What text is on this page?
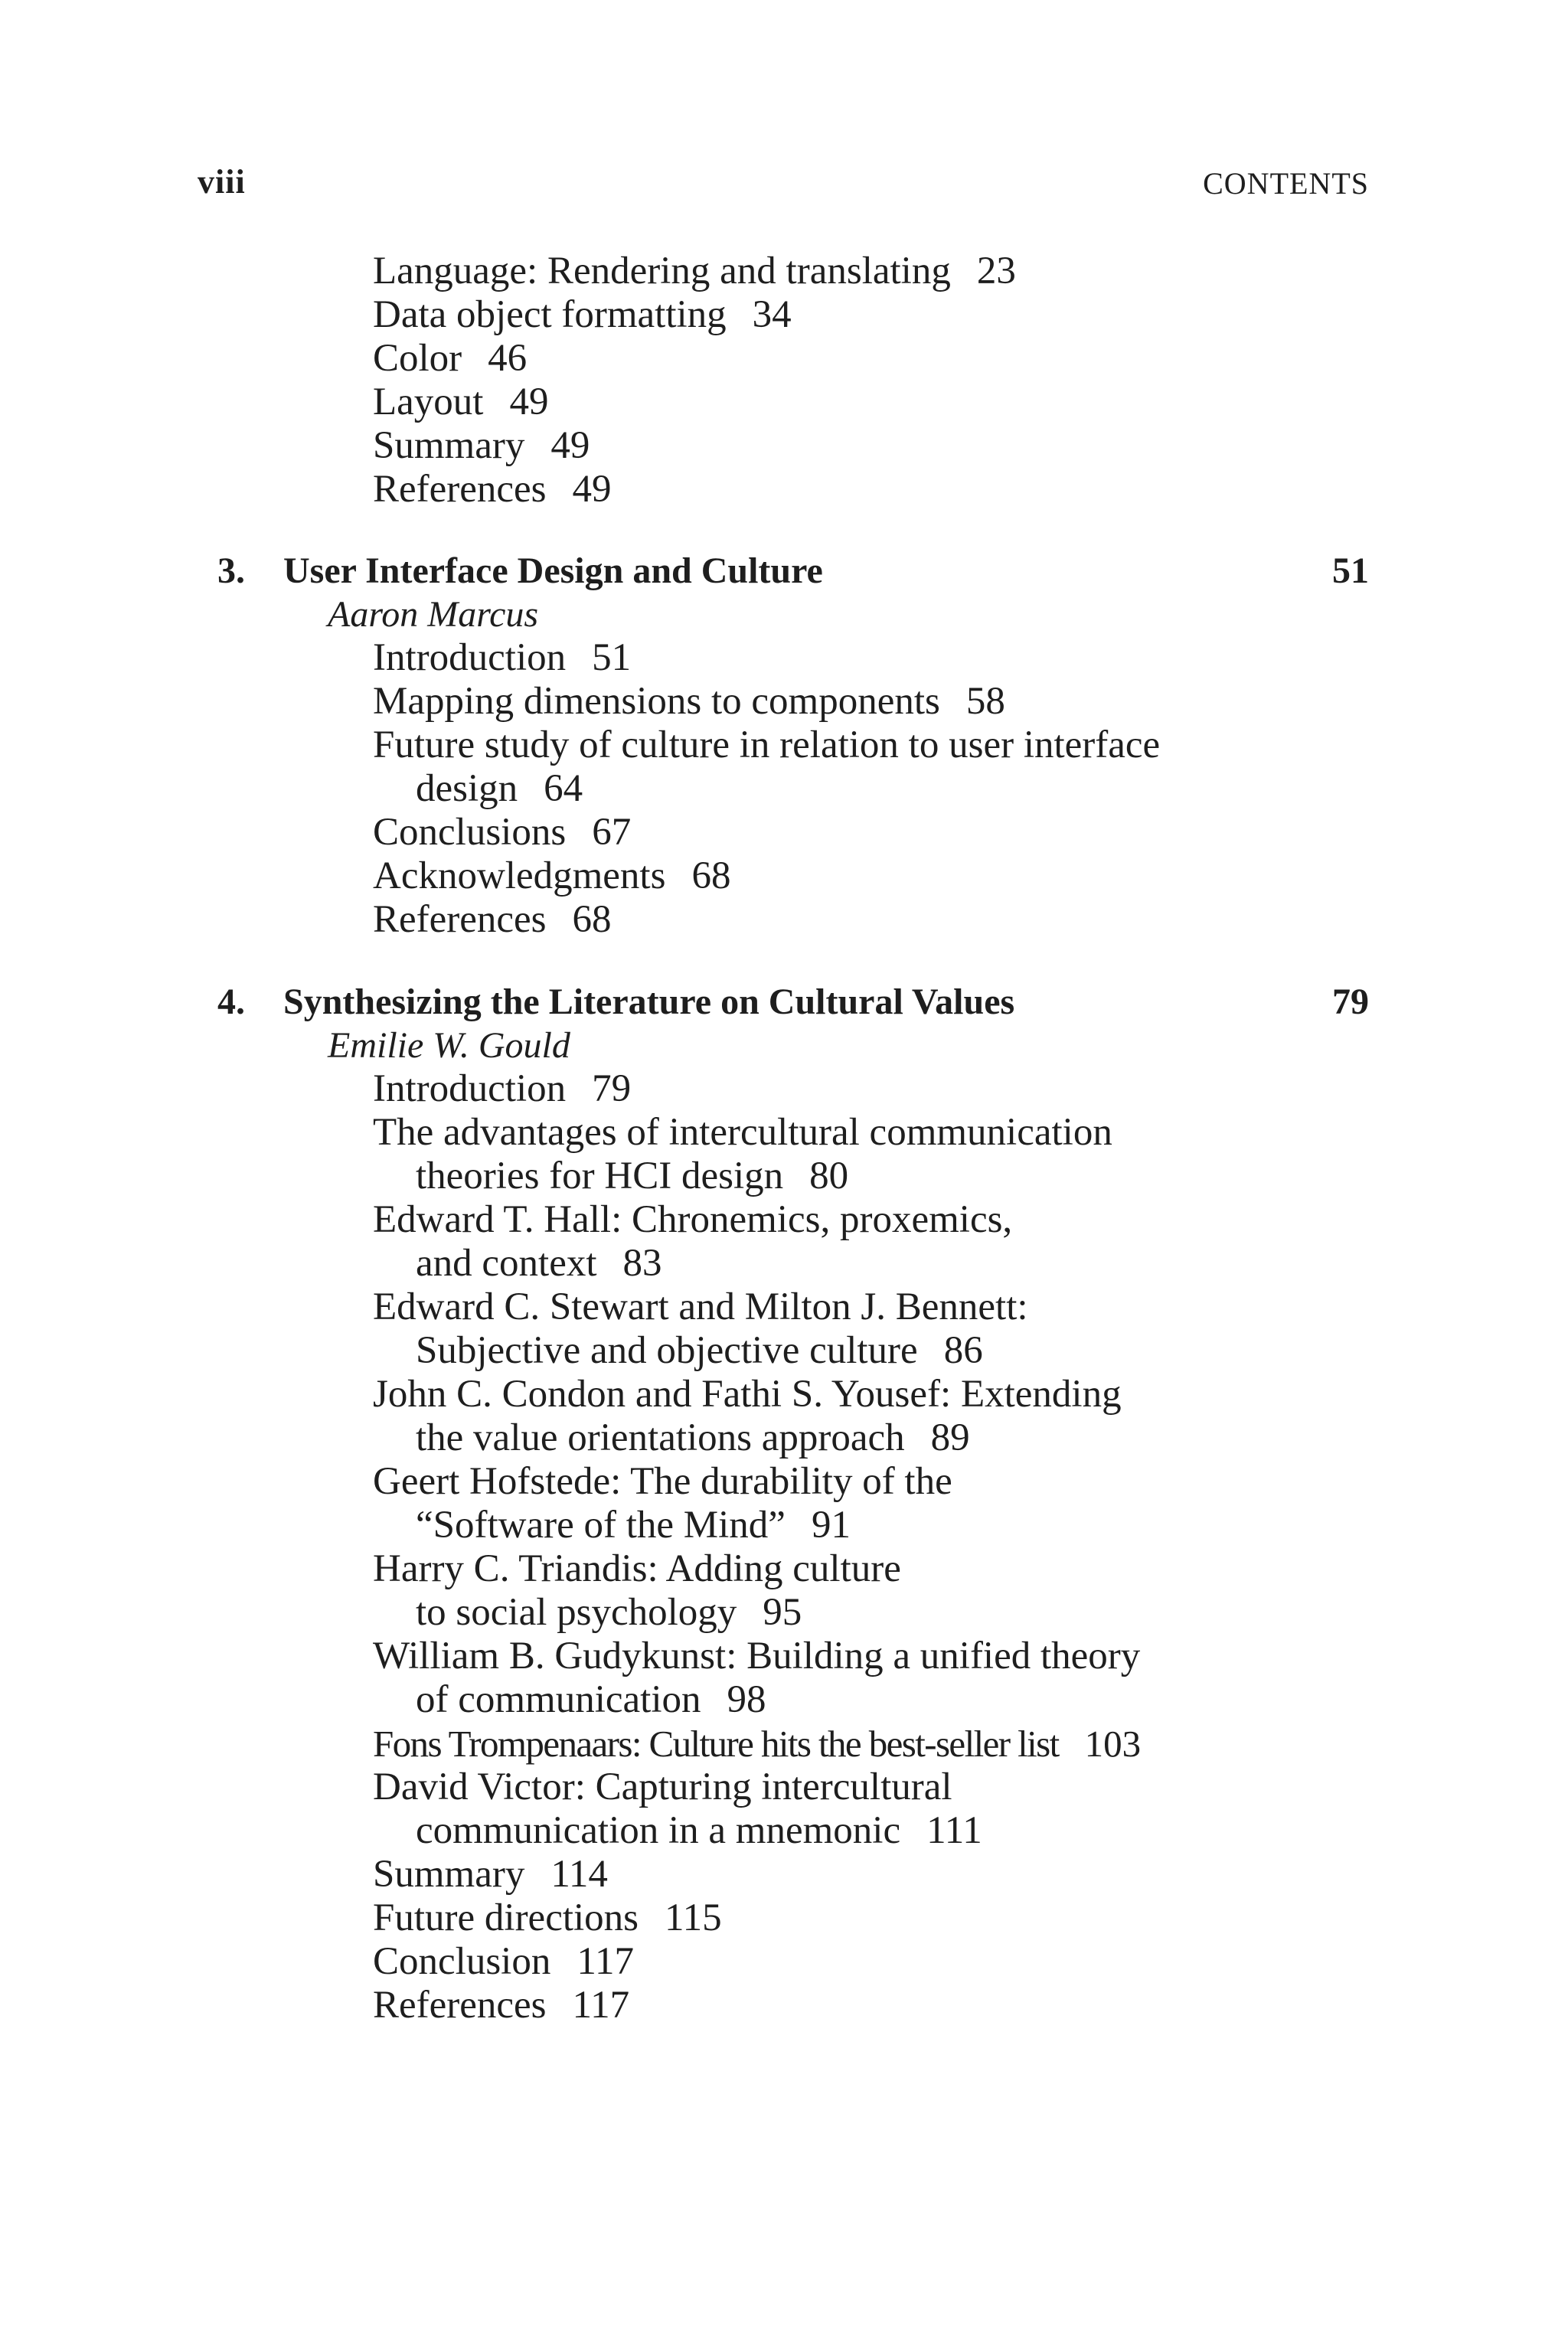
viii	CONTENTS
Language: Rendering and translating 23
Data object formatting 34
Color 46
Layout 49
Summary 49
References 49
3. User Interface Design and Culture	51
Aaron Marcus
Introduction 51
Mapping dimensions to components 58
Future study of culture in relation to user interface
design 64
Conclusions 67
Acknowledgments 68
References 68
4. Synthesizing the Literature on Cultural Values	79
Emilie W. Gould
Introduction 79
The advantages of intercultural communication
theories for HCI design 80
Edward T. Hall: Chronemics, proxemics,
and context 83
Edward C. Stewart and Milton J. Bennett:
Subjective and objective culture 86
John C. Condon and Fathi S. Yousef: Extending
the value orientations approach 89
Geert Hofstede: The durability of the
“Software of the Mind” 91
Harry C. Triandis: Adding culture
to social psychology 95
William B. Gudykunst: Building a unified theory
of communication 98
Fons Trompenaars: Culture hits the best-seller list 103
David Victor: Capturing intercultural
communication in a mnemonic 111
Summary 114
Future directions 115
Conclusion 117
References 117
